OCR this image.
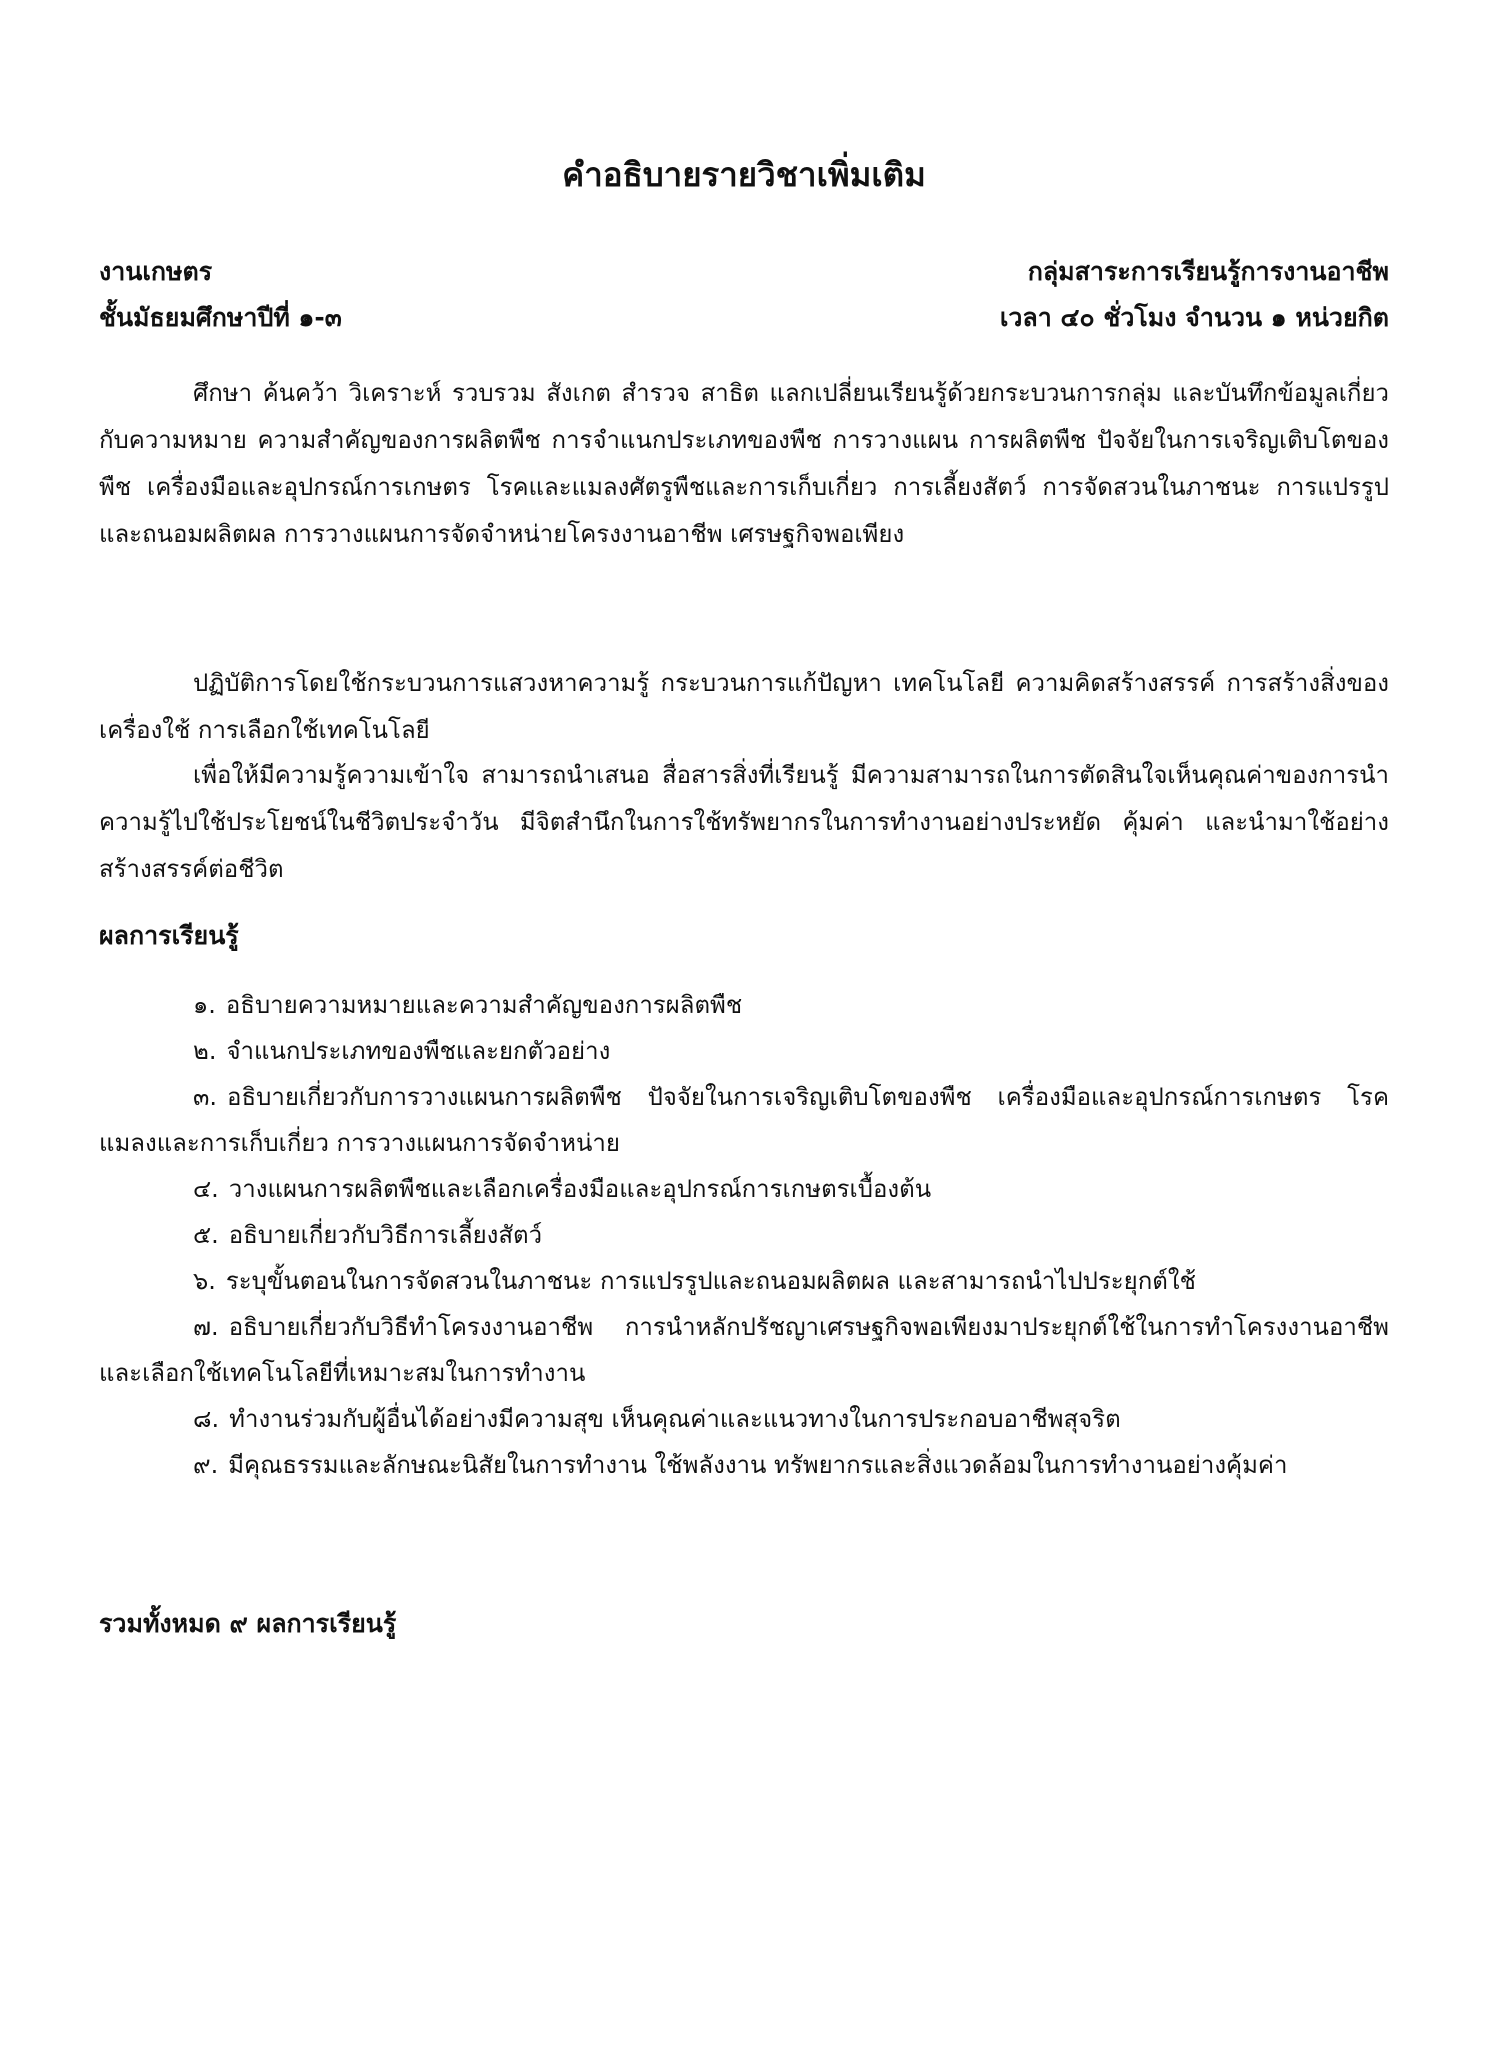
คำอธิบายรายวิชาเพิ่มเติม
งานเกษตร	กลุ่มสาระการเรียนรู้การงานอาชีพ
ชั้นมัธยมศึกษาปีที่ ๑-๓	เวลา ๔๐ ชั่วโมง จำนวน ๑ หน่วยกิต

ศึกษา ค้นคว้า วิเคราะห์ รวบรวม สังเกต สำรวจ สาธิต แลกเปลี่ยนเรียนรู้ด้วยกระบวนการกลุ่ม และบันทึกข้อมูลเกี่ยวกับความหมาย ความสำคัญของการผลิตพืช การจำแนกประเภทของพืช การวางแผน การผลิตพืช ปัจจัยในการเจริญเติบโตของพืช เครื่องมือและอุปกรณ์การเกษตร โรคและแมลงศัตรูพืชและการเก็บเกี่ยว การเลี้ยงสัตว์ การจัดสวนในภาชนะ การแปรรูปและถนอมผลิตผล การวางแผนการจัดจำหน่ายโครงงานอาชีพ เศรษฐกิจพอเพียง

ปฏิบัติการโดยใช้กระบวนการแสวงหาความรู้ กระบวนการแก้ปัญหา เทคโนโลยี ความคิดสร้างสรรค์ การสร้างสิ่งของเครื่องใช้ การเลือกใช้เทคโนโลยี

เพื่อให้มีความรู้ความเข้าใจ สามารถนำเสนอ สื่อสารสิ่งที่เรียนรู้ มีความสามารถในการตัดสินใจเห็นคุณค่าของการนำความรู้ไปใช้ประโยชน์ในชีวิตประจำวัน มีจิตสำนึกในการใช้ทรัพยากรในการทำงานอย่างประหยัด คุ้มค่า และนำมาใช้อย่างสร้างสรรค์ต่อชีวิต

ผลการเรียนรู้
๑. อธิบายความหมายและความสำคัญของการผลิตพืช
๒. จำแนกประเภทของพืชและยกตัวอย่าง
๓. อธิบายเกี่ยวกับการวางแผนการผลิตพืช ปัจจัยในการเจริญเติบโตของพืช เครื่องมือและอุปกรณ์การเกษตร โรคแมลงและการเก็บเกี่ยว การวางแผนการจัดจำหน่าย
๔. วางแผนการผลิตพืชและเลือกเครื่องมือและอุปกรณ์การเกษตรเบื้องต้น
๕. อธิบายเกี่ยวกับวิธีการเลี้ยงสัตว์
๖. ระบุขั้นตอนในการจัดสวนในภาชนะ การแปรรูปและถนอมผลิตผล และสามารถนำไปประยุกต์ใช้
๗. อธิบายเกี่ยวกับวิธีทำโครงงานอาชีพ การนำหลักปรัชญาเศรษฐกิจพอเพียงมาประยุกต์ใช้ในการทำโครงงานอาชีพและเลือกใช้เทคโนโลยีที่เหมาะสมในการทำงาน
๘. ทำงานร่วมกับผู้อื่นได้อย่างมีความสุข เห็นคุณค่าและแนวทางในการประกอบอาชีพสุจริต
๙. มีคุณธรรมและลักษณะนิสัยในการทำงาน ใช้พลังงาน ทรัพยากรและสิ่งแวดล้อมในการทำงานอย่างคุ้มค่า
รวมทั้งหมด ๙ ผลการเรียนรู้
